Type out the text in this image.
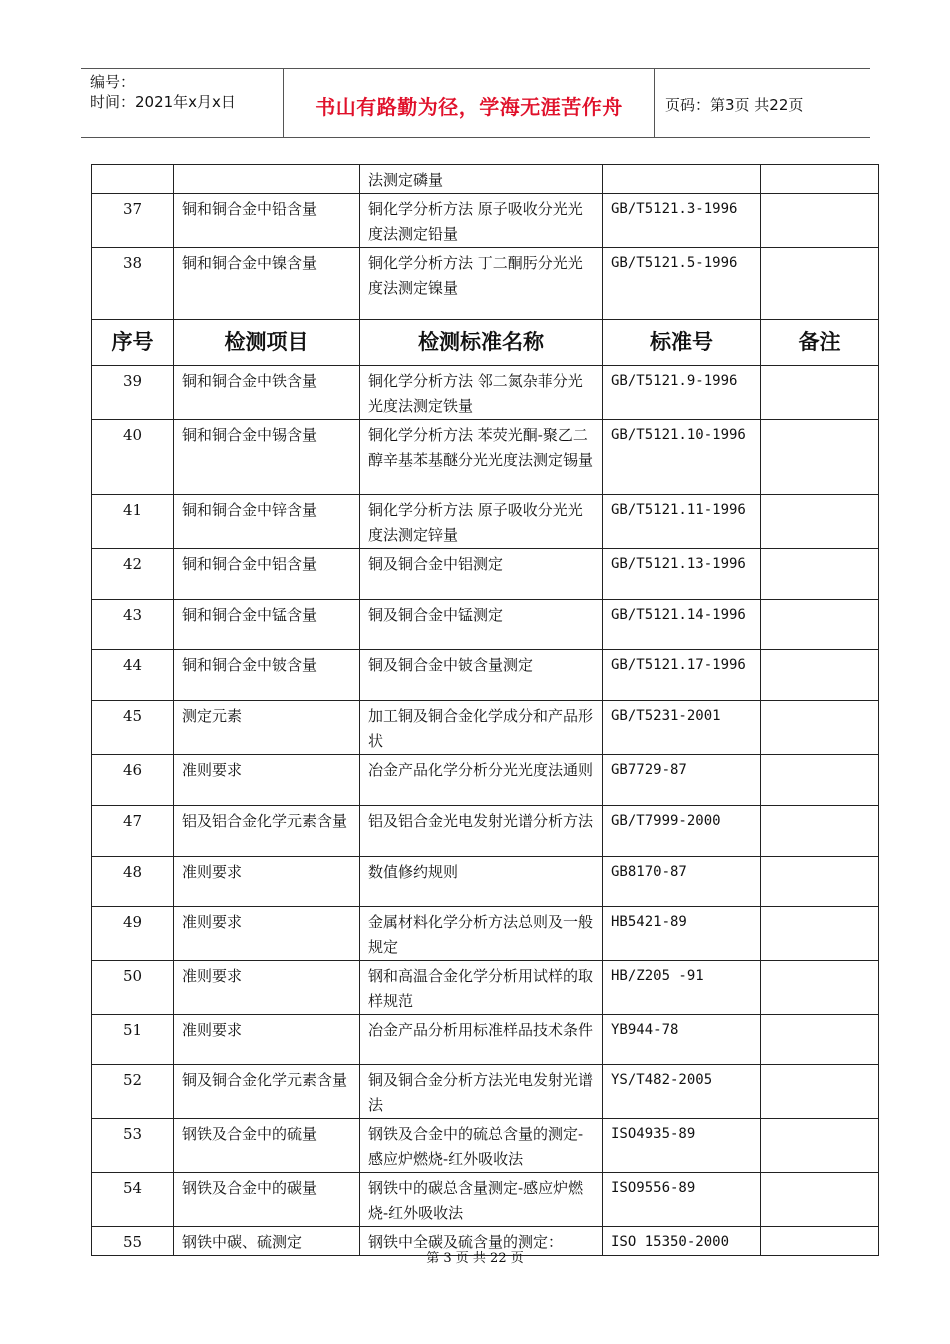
编号：
时间：2021年x月x日	书山有路勤为径，学海无涯苦作舟	页码：第3页 共22页
		法测定磷量		
37	铜和铜合金中铅含量	铜化学分析方法 原子吸收分光光度法测定铅量	GB/T5121.3-1996	
38	铜和铜合金中镍含量	铜化学分析方法 丁二酮肟分光光度法测定镍量	GB/T5121.5-1996	
序号	检测项目	检测标准名称	标准号	备注
39	铜和铜合金中铁含量	铜化学分析方法 邻二氮杂菲分光光度法测定铁量	GB/T5121.9-1996	
40	铜和铜合金中锡含量	铜化学分析方法 苯荧光酮-聚乙二醇辛基苯基醚分光光度法测定锡量	GB/T5121.10-1996	
41	铜和铜合金中锌含量	铜化学分析方法 原子吸收分光光度法测定锌量	GB/T5121.11-1996	
42	铜和铜合金中铝含量	铜及铜合金中铝测定	GB/T5121.13-1996	
43	铜和铜合金中锰含量	铜及铜合金中锰测定	GB/T5121.14-1996	
44	铜和铜合金中铍含量	铜及铜合金中铍含量测定	GB/T5121.17-1996	
45	测定元素	加工铜及铜合金化学成分和产品形状	GB/T5231-2001	
46	准则要求	冶金产品化学分析分光光度法通则	GB7729-87	
47	铝及铝合金化学元素含量	铝及铝合金光电发射光谱分析方法	GB/T7999-2000	
48	准则要求	数值修约规则	GB8170-87	
49	准则要求	金属材料化学分析方法总则及一般规定	HB5421-89	
50	准则要求	钢和高温合金化学分析用试样的取样规范	HB/Z205 -91	
51	准则要求	冶金产品分析用标准样品技术条件	YB944-78	
52	铜及铜合金化学元素含量	铜及铜合金分析方法光电发射光谱法	YS/T482-2005	
53	钢铁及合金中的硫量	钢铁及合金中的硫总含量的测定-感应炉燃烧-红外吸收法	ISO4935-89	
54	钢铁及合金中的碳量	钢铁中的碳总含量测定-感应炉燃烧-红外吸收法	ISO9556-89	
55	钢铁中碳、硫测定	钢铁中全碳及硫含量的测定：	ISO 15350-2000	
第 3 页 共 22 页
